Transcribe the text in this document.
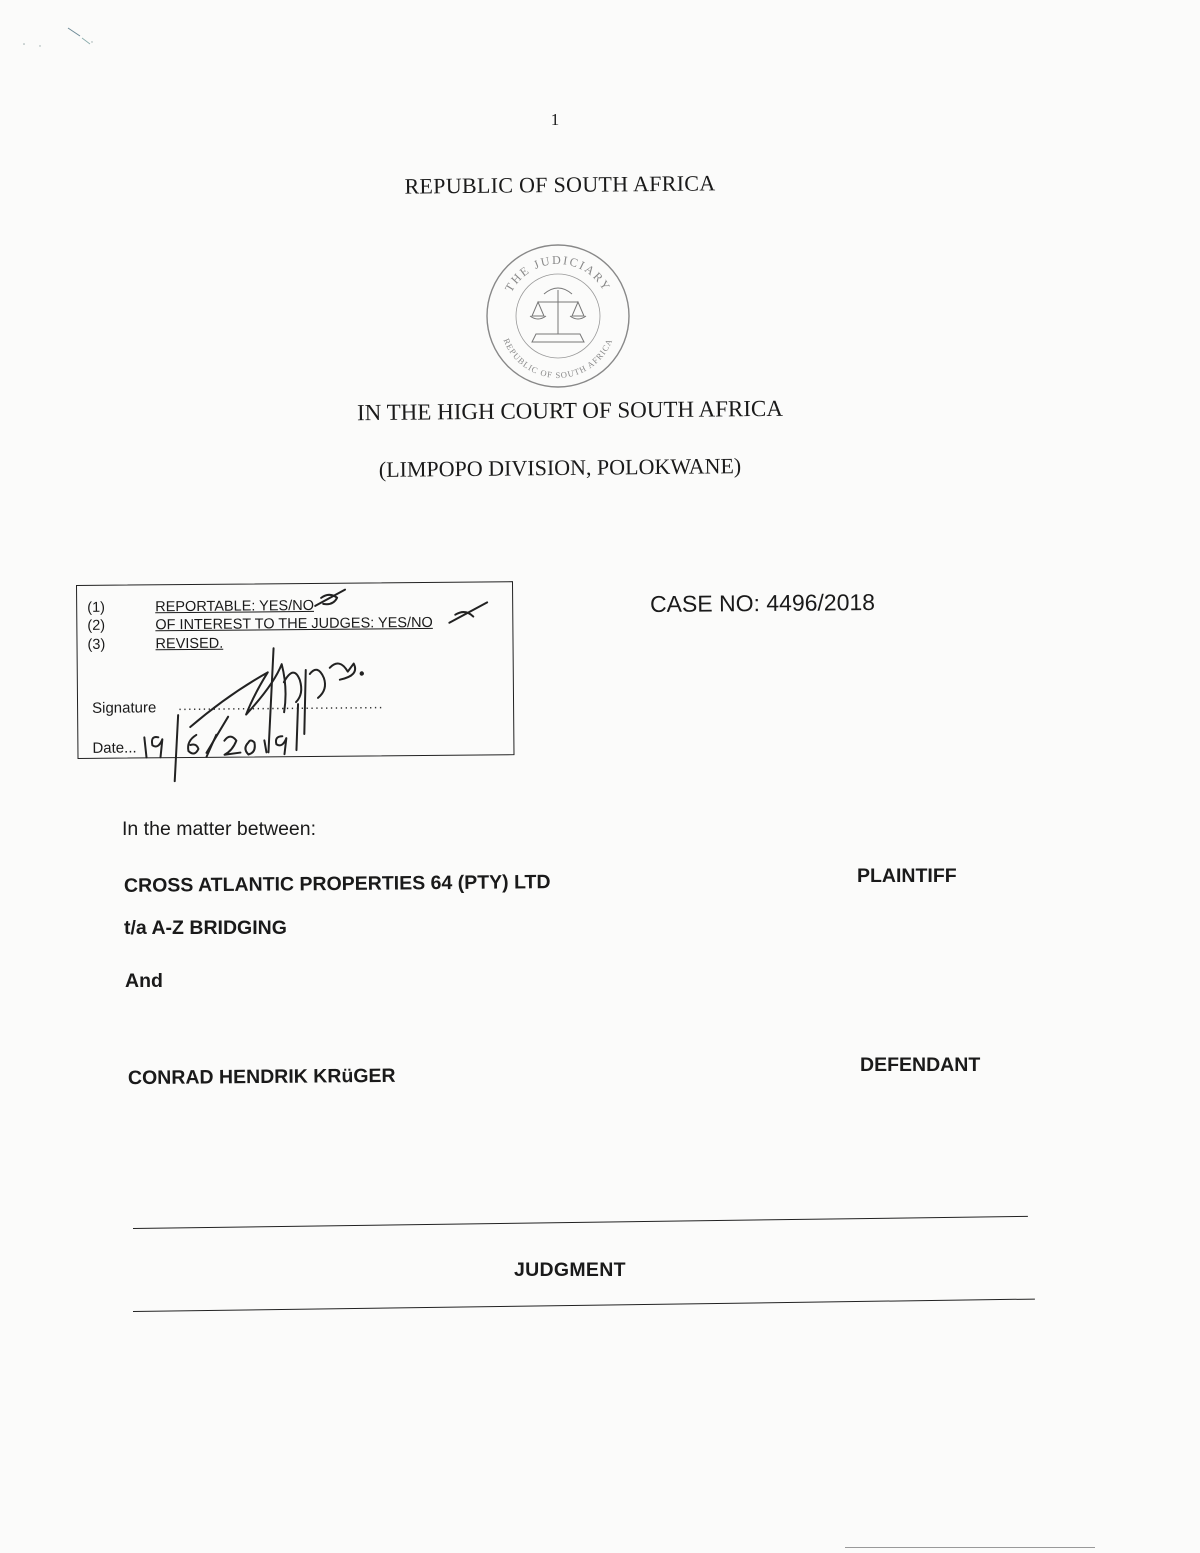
1
REPUBLIC OF SOUTH AFRICA
THE JUDICIARY
REPUBLIC OF SOUTH AFRICA
IN THE HIGH COURT OF SOUTH AFRICA
(LIMPOPO DIVISION, POLOKWANE)
(1)	REPORTABLE: YES/NO
(2)	OF INTEREST TO THE JUDGES: YES/NO
(3)	REVISED.
Signature ..........................................
Date...
CASE NO: 4496/2018
In the matter between:
CROSS ATLANTIC PROPERTIES 64 (PTY) LTD
t/a A-Z BRIDGING
PLAINTIFF
And
CONRAD HENDRIK KRüGER	DEFENDANT
JUDGMENT
